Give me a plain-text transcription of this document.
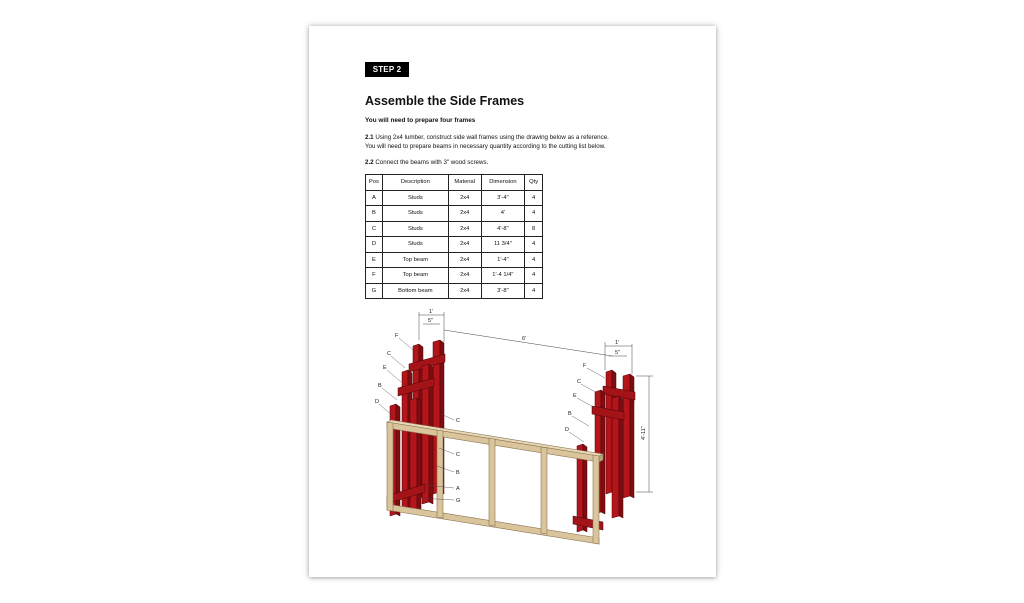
STEP 2
Assemble the Side Frames
You will need to prepare four frames
2.1 Using 2x4 lumber, construct side wall frames using the drawing below as a reference.
You will need to prepare beams in necessary quantity according to the cutting list below.
2.2 Connect the beams with 3" wood screws.
Pos	Description	Material	Dimension	Qty
A	Studs	2x4	3'-4"	4
B	Studs	2x4	4'	4
C	Studs	2x4	4'-8"	8
D	Studs	2x4	11 3/4"	4
E	Top beam	2x4	1'-4"	4
F	Top beam	2x4	1'-4 1/4"	4
G	Bottom beam	2x4	3'-8"	4
1'
5"
6'
1'
5"
4'-11"
F
C
E
B
D
C
C
B
A
G
F
C
E
B
D
